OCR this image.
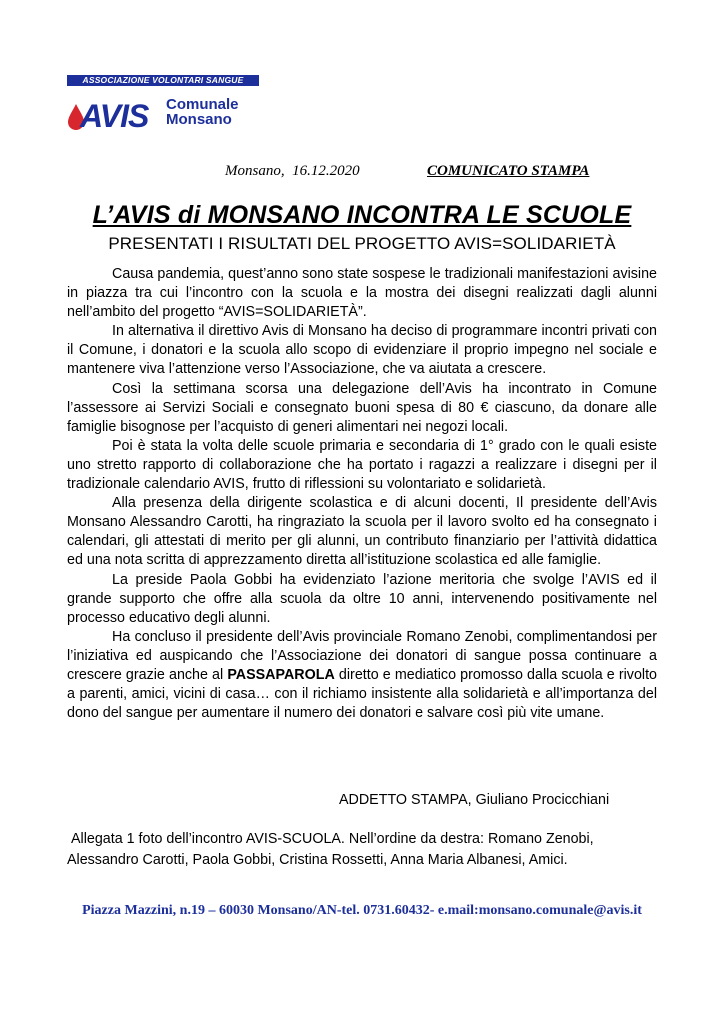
ASSOCIAZIONE VOLONTARI SANGUE
AVIS Comunale
Monsano
Monsano,  16.12.2020	COMUNICATO STAMPA
L’AVIS di MONSANO INCONTRA LE SCUOLE
PRESENTATI I RISULTATI DEL PROGETTO AVIS=SOLIDARIETÀ

Causa pandemia, quest’anno sono state sospese le tradizionali manifestazioni avisine in piazza tra cui l’incontro con la scuola e la mostra dei disegni realizzati dagli alunni nell’ambito del progetto “AVIS=SOLIDARIETÀ”.

In alternativa il direttivo Avis di Monsano ha deciso di programmare incontri privati con il Comune, i donatori e la scuola allo scopo di evidenziare il proprio impegno nel sociale e mantenere viva l’attenzione verso l’Associazione, che va aiutata a crescere.

Così la settimana scorsa una delegazione dell’Avis ha incontrato in Comune l’assessore ai Servizi Sociali e consegnato buoni spesa di 80 € ciascuno, da donare alle famiglie bisognose per l’acquisto di generi alimentari nei negozi locali.

Poi è stata la volta delle scuole primaria e secondaria di 1° grado con le quali esiste uno stretto rapporto di collaborazione che ha portato i ragazzi a realizzare i disegni per il tradizionale calendario AVIS, frutto di riflessioni su volontariato e solidarietà.

Alla presenza della dirigente scolastica e di alcuni docenti, Il presidente dell’Avis Monsano Alessandro Carotti, ha ringraziato la scuola per il lavoro svolto ed ha consegnato i calendari, gli attestati di merito per gli alunni, un contributo finanziario per l’attività didattica ed una nota scritta di apprezzamento diretta all’istituzione scolastica ed alle famiglie.

La preside Paola Gobbi ha evidenziato l’azione meritoria che svolge l’AVIS ed il grande supporto che offre alla scuola da oltre 10 anni, intervenendo positivamente nel processo educativo degli alunni.

Ha concluso il presidente dell’Avis provinciale Romano Zenobi, complimentandosi per l’iniziativa ed auspicando che l’Associazione dei donatori di sangue possa continuare a crescere grazie anche al PASSAPAROLA diretto e mediatico promosso dalla scuola e rivolto a parenti, amici, vicini di casa… con il richiamo insistente alla solidarietà e all’importanza del dono del sangue per aumentare il numero dei donatori e salvare così più vite umane.

ADDETTO STAMPA, Giuliano Procicchiani

Allegata 1 foto dell’incontro AVIS-SCUOLA. Nell’ordine da destra: Romano Zenobi,

Alessandro Carotti, Paola Gobbi, Cristina Rossetti, Anna Maria Albanesi, Amici.

Piazza Mazzini, n.19 – 60030 Monsano/AN-tel. 0731.60432- e.mail:monsano.comunale@avis.it
